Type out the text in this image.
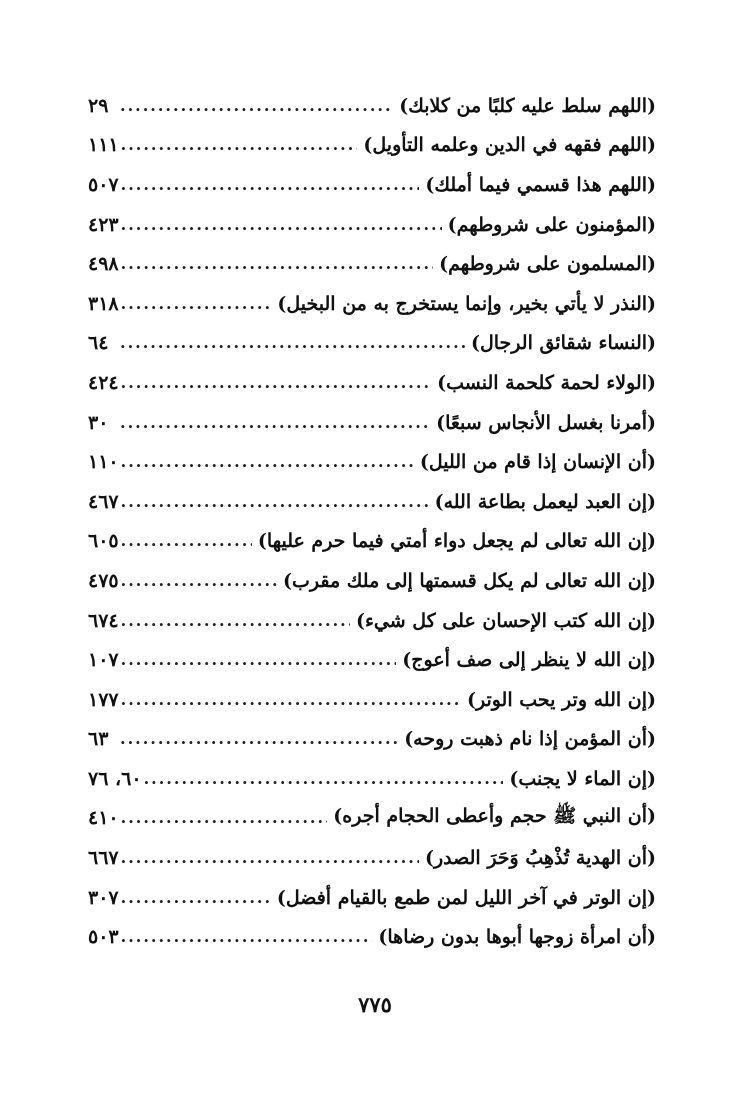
(اللهم سلط عليه كلبًا من كلابك)
.....
٢٩
(اللهم فقهه في الدين وعلمه التأويل)
.....
١١١
(اللهم هذا قسمي فيما أملك)
.....
٥٠٧
(المؤمنون على شروطهم)
.....
٤٢٣
(المسلمون على شروطهم)
.....
٤٩٨
(النذر لا يأتي بخير، وإنما يستخرج به من البخيل)
.....
٣١٨
(النساء شقائق الرجال)
.....
٦٤
(الولاء لحمة كلحمة النسب)
.....
٤٢٤
(أمرنا بغسل الأنجاس سبعًا)
.....
٣٠
(أن الإنسان إذا قام من الليل)
.....
١١٠
(إن العبد ليعمل بطاعة الله)
.....
٤٦٧
(إن الله تعالى لم يجعل دواء أمتي فيما حرم عليها)
.....
٦٠٥
(إن الله تعالى لم يكل قسمتها إلى ملك مقرب)
.....
٤٧٥
(إن الله كتب الإحسان على كل شيء)
.....
٦٧٤
(إن الله لا ينظر إلى صف أعوج)
.....
١٠٧
(إن الله وتر يحب الوتر)
.....
١٧٧
(أن المؤمن إذا نام ذهبت روحه)
.....
٦٣
(إن الماء لا يجنب)
.....
٦٠، ٧٦
(أن النبي ﷺ حجم وأعطى الحجام أجره)
.....
٤١٠
(أن الهدية تُذْهِبُ وَحَرَ الصدر)
.....
٦٦٧
(إن الوتر في آخر الليل لمن طمع بالقيام أفضل)
.....
٣٠٧
(أن امرأة زوجها أبوها بدون رضاها)
.....
٥٠٣
٧٧٥
